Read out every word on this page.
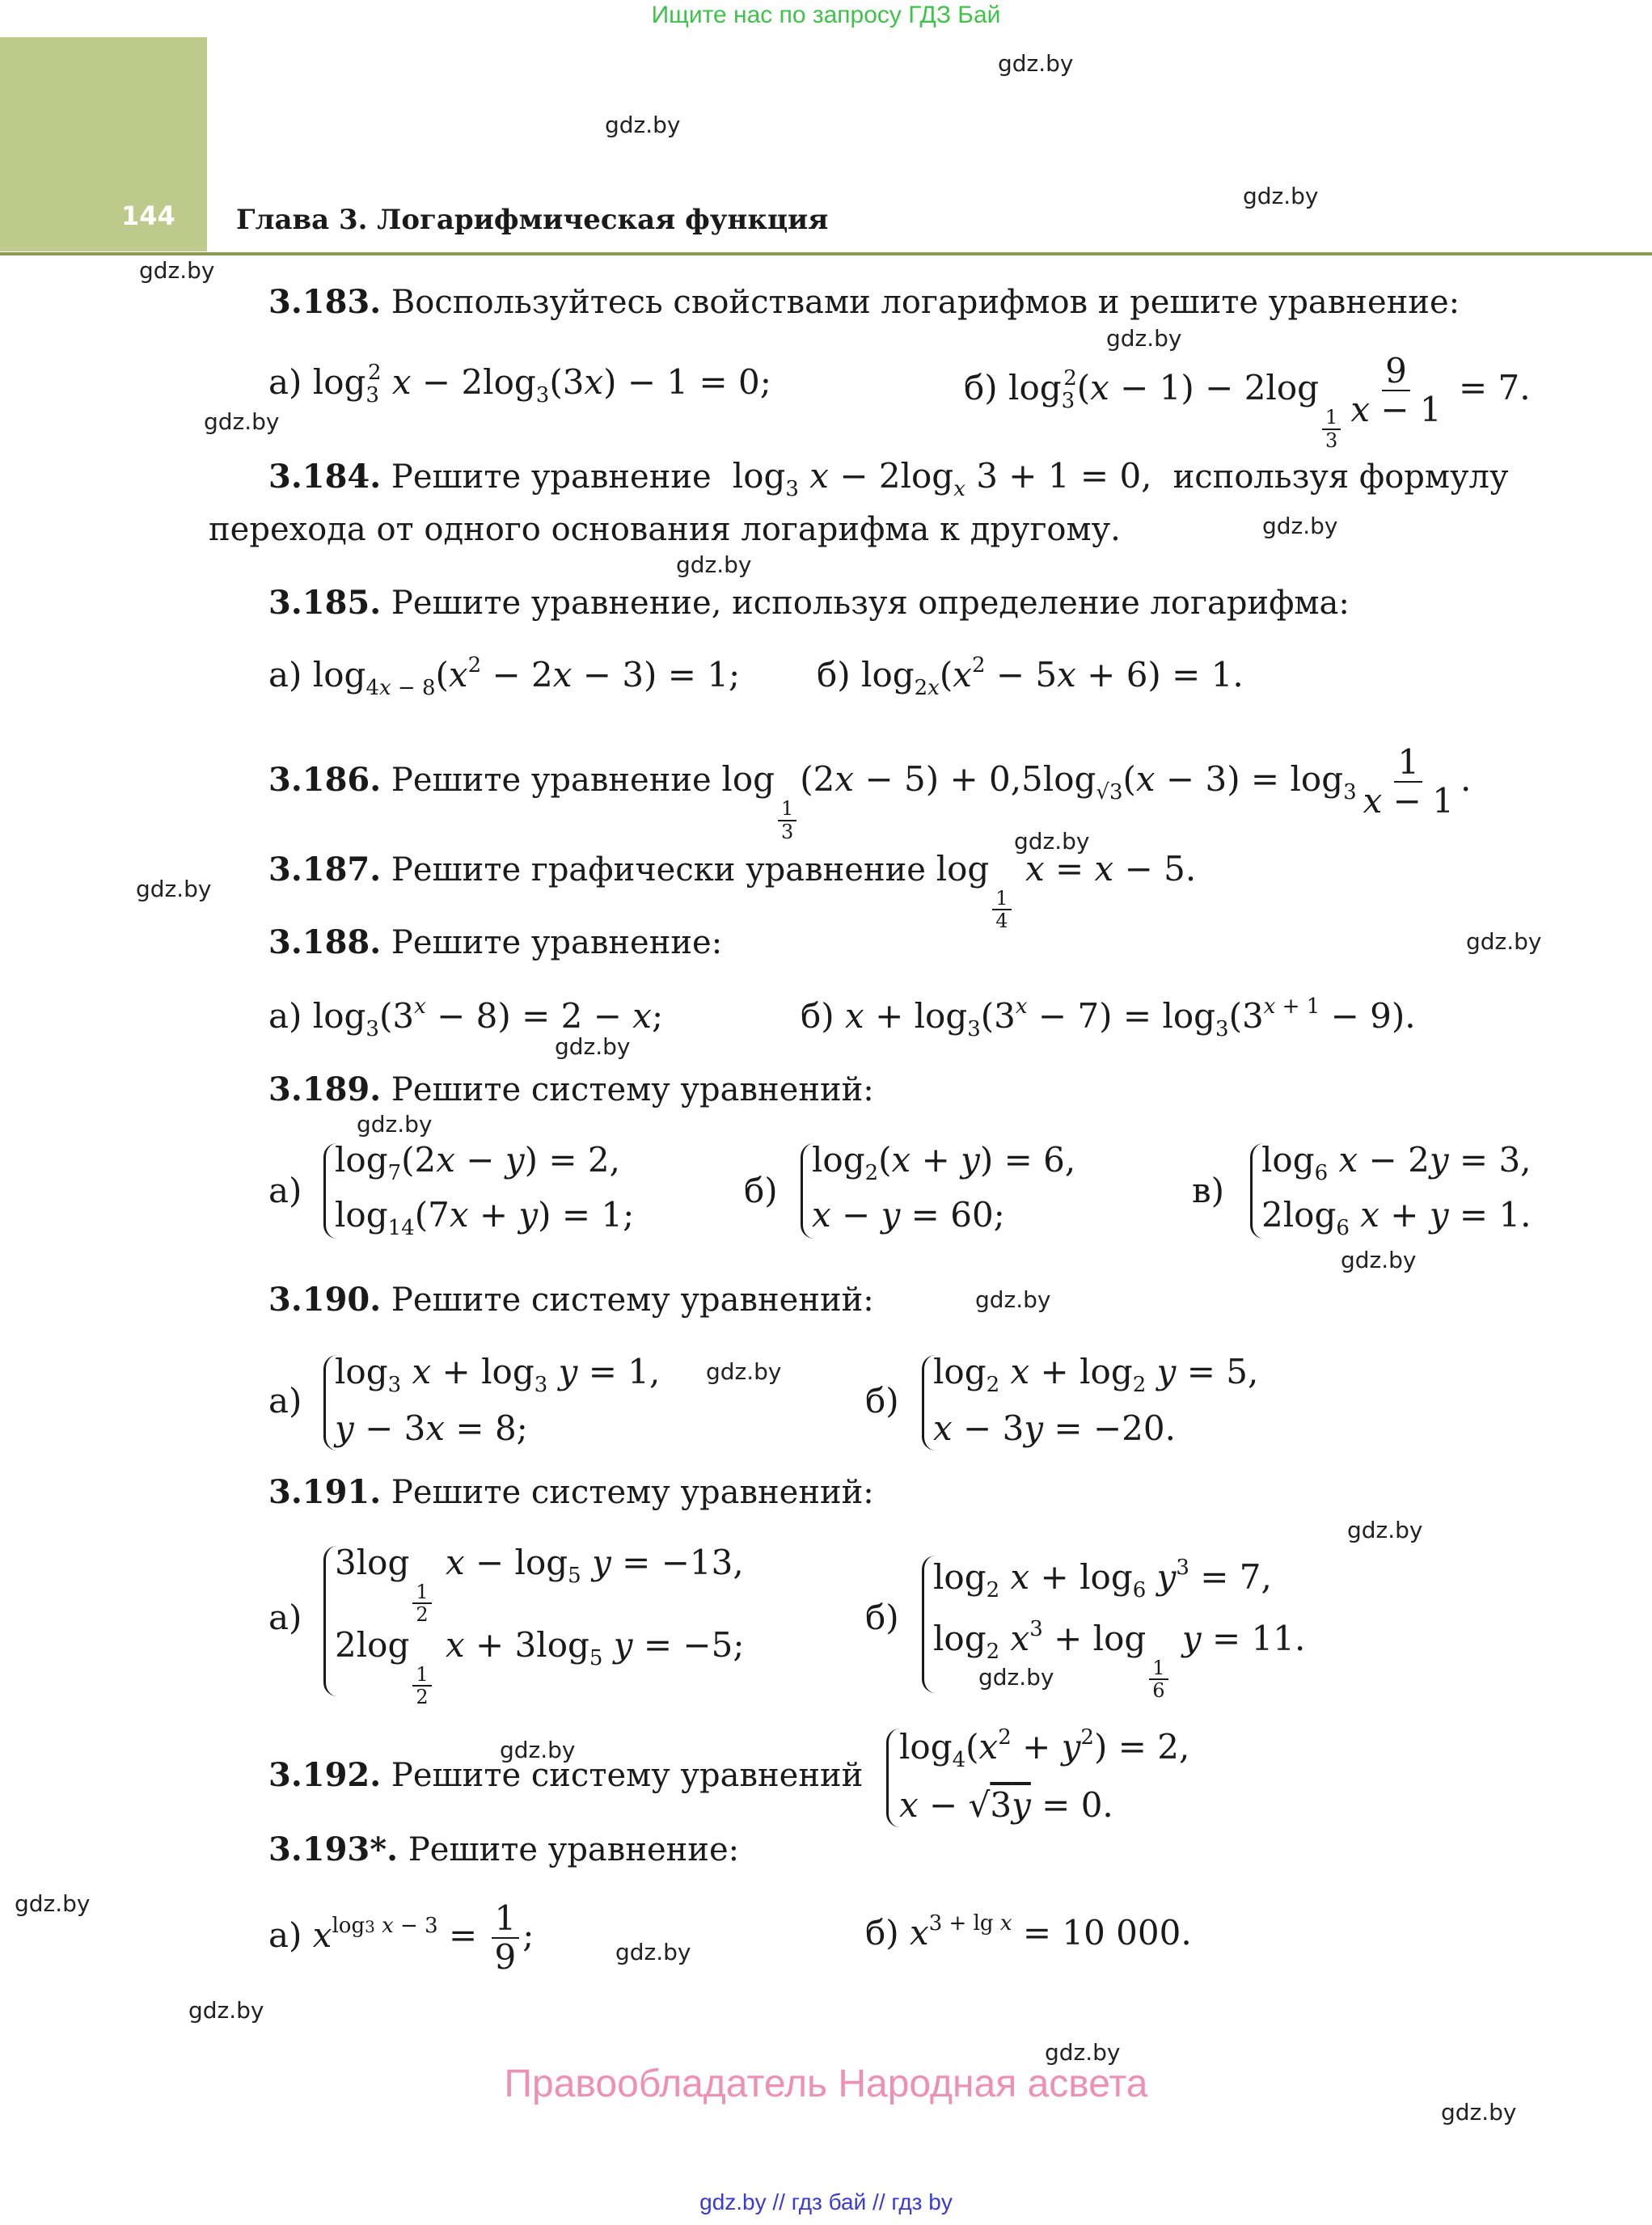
Ищите нас по запросу ГДЗ Бай
144 Глава 3. Логарифмическая функция
gdz.by
gdz.by
gdz.by
gdz.by
gdz.by
gdz.by
gdz.by
gdz.by
gdz.by
gdz.by
gdz.by
gdz.by
gdz.by
gdz.by
gdz.by
gdz.by
gdz.by
gdz.by
gdz.by
gdz.by
gdz.by
gdz.by
gdz.by
gdz.by
3.183. Воспользуйтесь свойствами логарифмов и решите уравнение:
а) $\log_3^2 x - 2\log_3(3x) - 1 = 0$;	б) $\log_3^2(x - 1) - 2\log$
$\frac{1}{3}$
$\frac{9}{x - 1} = 7$.
3.184. Решите уравнение  $\log_3 x - 2\log_x$ 3 + 1 = 0,  используя формулу
перехода от одного основания логарифма к другому.
3.185. Решите уравнение, используя определение логарифма:
а) $\log_{4x - 8}(x^2 - 2x - 3) = 1$; б) $\log_{2x}(x^2 - 5x + 6) = 1$.
3.186. Решите уравнение log
$\frac{1}{3}$
$(2x - 5) + 0,5\log_{√3}(x - 3) = \log_3 \frac{1}{x - 1}$ .
3.187. Решите графически уравнение log
$\frac{1}{4}$
x = x − 5.
3.188. Решите уравнение:
а) $\log_3(3^x - 8) = 2 - x$;	б) $x + \log_3(3^x - 7) = \log_3(3^{x + 1} - 9)$.
3.189. Решите систему уравнений:
а)
$\log_7(2x - y) = 2$,
$\log_{14}(7x + y) = 1$;
б)
$\log_2(x + y) = 6$,
x − y = 60;
в)
$\log_6 x - 2y = 3$,
$2\log_6$ x + y = 1.
3.190. Решите систему уравнений:
а)
$\log_3 x + \log_3 y = 1$,
y − 3x = 8;
б)
$\log_2 x + \log_2 y = 5$,
x − 3y = −20.
3.191. Решите систему уравнений:
а)
3log
$\frac{1}{2}$
$x - \log_5 y = -13$,
2log
$\frac{1}{2}$
$x + 3\log_5$ y = −5;
б)
$\log_2 x + \log_6 y^3 = 7$,
$\log_2 x^3 + \log$
$\frac{1}{6}$
y = 11.
3.192. Решите систему уравнений
$\log_4(x^2 + y^2) = 2$,
x − √3y = 0.
3.193*. Решите уравнение:
а) $x^{log3 x - 3} = \frac{1}{9}$ ;	б) $x^{3 + lg x} = 10$ 000.
Правообладатель Народная асвета
gdz.by // гдз бай // гдз by
